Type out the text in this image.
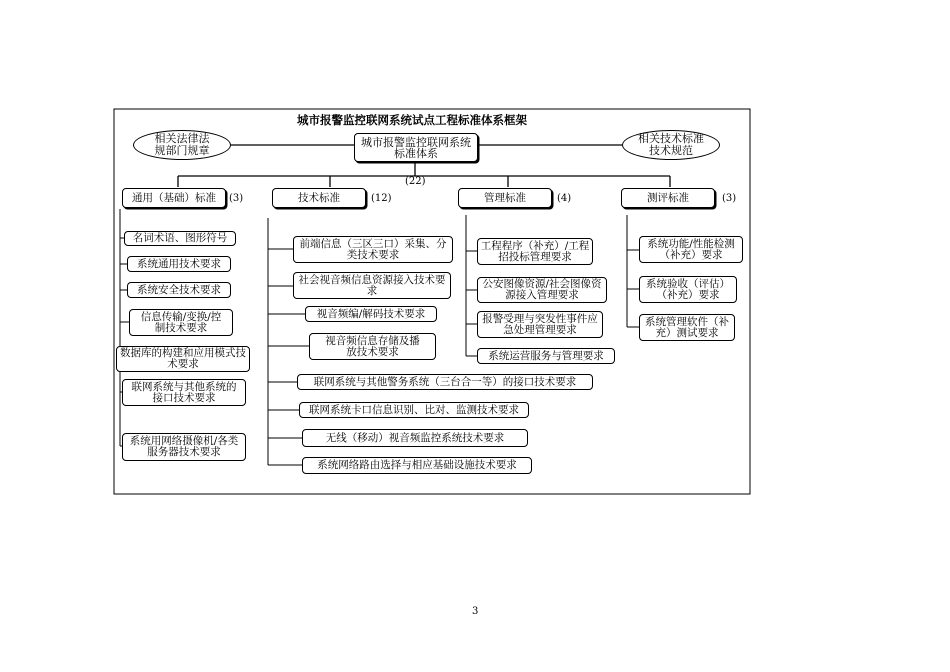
城市报警监控联网系统试点工程标准体系框架
相关法律法规部门规章
相关技术标准技术规范
城市报警监控联网系统标准体系
(22)
通用（基础）标准	(3)	技术标准	(12)	管理标准	(4)	测评标准	(3)
名词术语、图形符号
系统通用技术要求
系统安全技术要求
信息传输/变换/控制技术要求
数据库的构建和应用模式技术要求
联网系统与其他系统的接口技术要求
系统用网络摄像机/各类服务器技术要求
前端信息（三区三口）采集、分类技术要求
社会视音频信息资源接入技术要求
视音频编/解码技术要求
视音频信息存储及播放技术要求
联网系统与其他警务系统（三台合一等）的接口技术要求
联网系统卡口信息识别、比对、监测技术要求
无线（移动）视音频监控系统技术要求
系统网络路由选择与相应基础设施技术要求
工程程序（补充）/工程招投标管理要求
公安图像资源/社会图像资源接入管理要求
报警受理与突发性事件应急处理管理要求
系统运营服务与管理要求
系统功能/性能检测（补充）要求
系统验收（评估）（补充）要求
系统管理软件（补充）测试要求
3
